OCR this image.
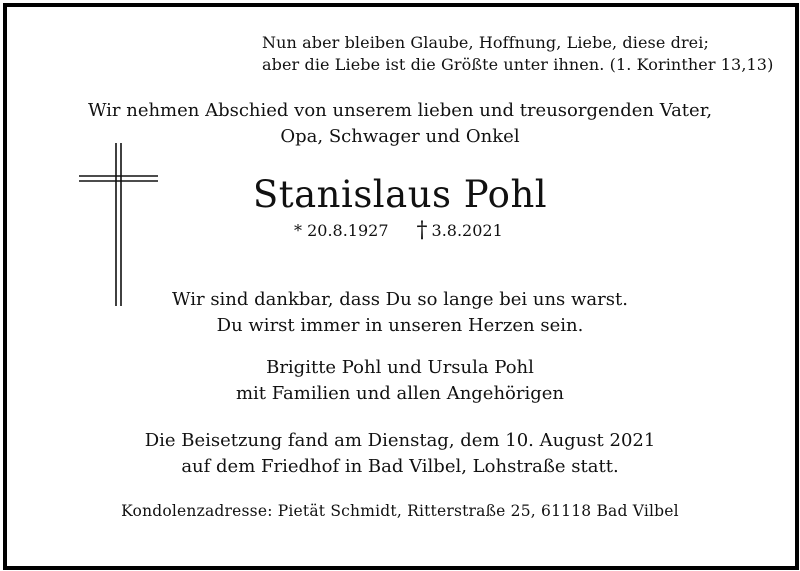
Nun aber bleiben Glaube, Hoffnung, Liebe, diese drei;
aber die Liebe ist die Größte unter ihnen. (1. Korinther 13,13)
Wir nehmen Abschied von unserem lieben und treusorgenden Vater,
Opa, Schwager und Onkel
Stanislaus Pohl
* 20.8.1927 † 3.8.2021
Wir sind dankbar, dass Du so lange bei uns warst.
Du wirst immer in unseren Herzen sein.
Brigitte Pohl und Ursula Pohl
mit Familien und allen Angehörigen
Die Beisetzung fand am Dienstag, dem 10. August 2021
auf dem Friedhof in Bad Vilbel, Lohstraße statt.
Kondolenzadresse: Pietät Schmidt, Ritterstraße 25, 61118 Bad Vilbel
